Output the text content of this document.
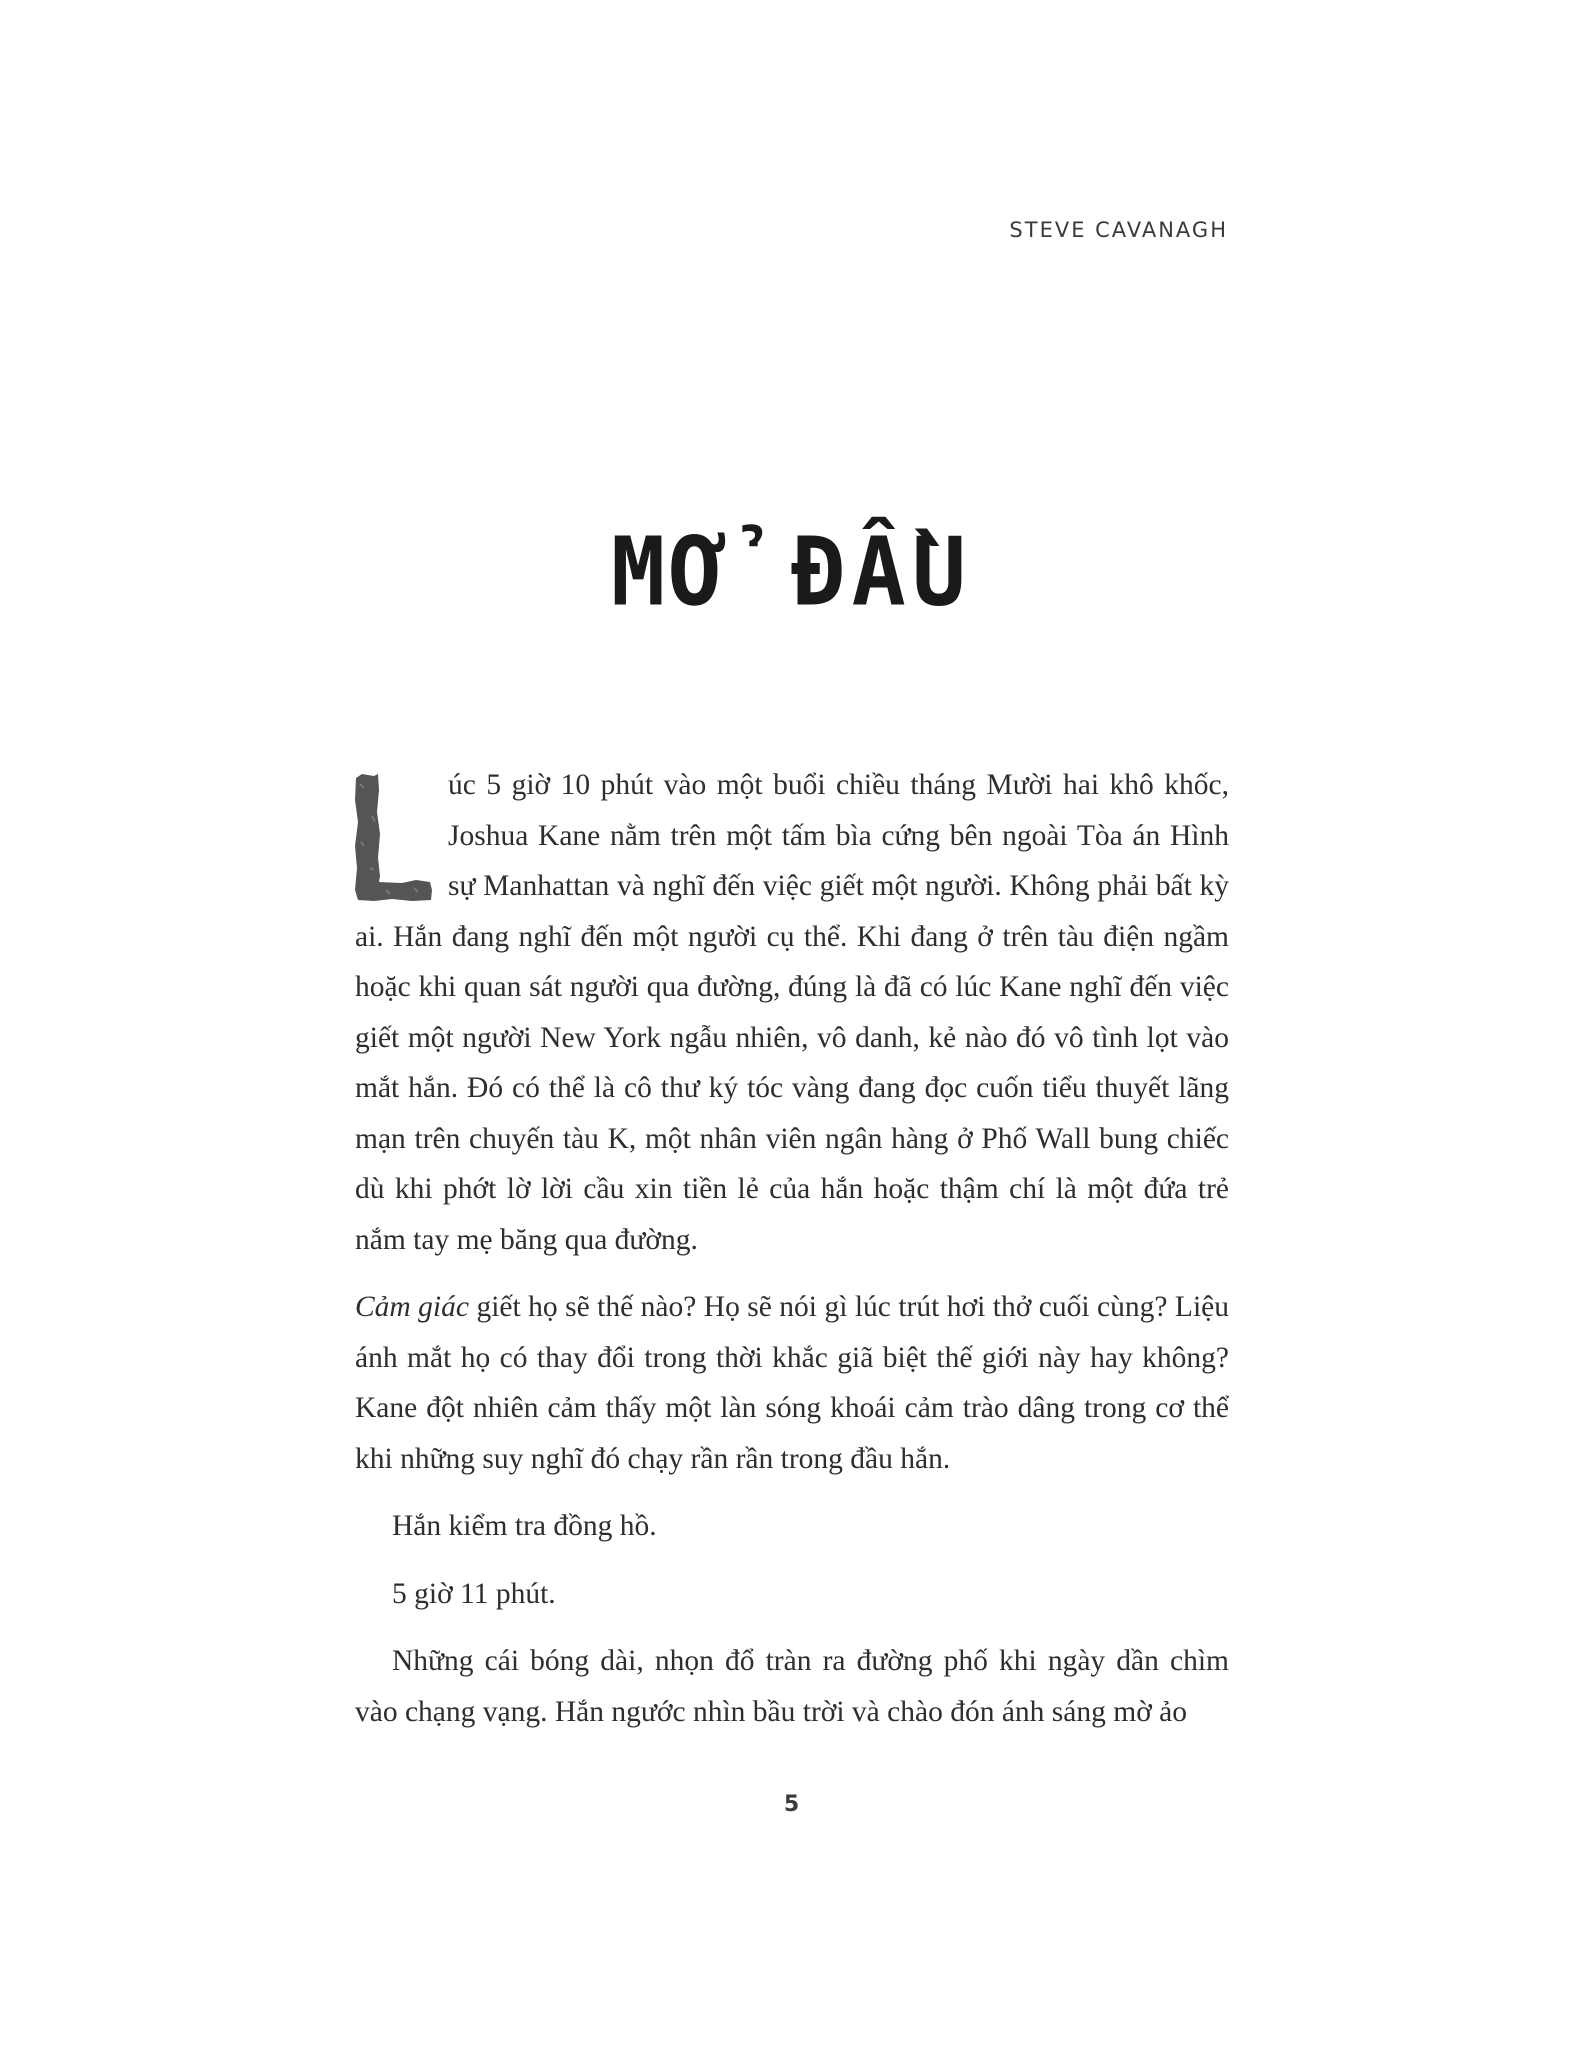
STEVE CAVANAGH
MỞ ĐẦU

úc 5 giờ 10 phút vào một buổi chiều tháng Mười hai khô khốc, Joshua Kane nằm trên một tấm bìa cứng bên ngoài Tòa án Hình sự Manhattan và nghĩ đến việc giết một người. Không phải bất kỳ ai. Hắn đang nghĩ đến một người cụ thể. Khi đang ở trên tàu điện ngầm hoặc khi quan sát người qua đường, đúng là đã có lúc Kane nghĩ đến việc giết một người New York ngẫu nhiên, vô danh, kẻ nào đó vô tình lọt vào mắt hắn. Đó có thể là cô thư ký tóc vàng đang đọc cuốn tiểu thuyết lãng mạn trên chuyến tàu K, một nhân viên ngân hàng ở Phố Wall bung chiếc dù khi phớt lờ lời cầu xin tiền lẻ của hắn hoặc thậm chí là một đứa trẻ nắm tay mẹ băng qua đường.

Cảm giác giết họ sẽ thế nào? Họ sẽ nói gì lúc trút hơi thở cuối cùng? Liệu ánh mắt họ có thay đổi trong thời khắc giã biệt thế giới này hay không? Kane đột nhiên cảm thấy một làn sóng khoái cảm trào dâng trong cơ thể khi những suy nghĩ đó chạy rần rần trong đầu hắn.

Hắn kiểm tra đồng hồ.

5 giờ 11 phút.

Những cái bóng dài, nhọn đổ tràn ra đường phố khi ngày dần chìm vào chạng vạng. Hắn ngước nhìn bầu trời và chào đón ánh sáng mờ ảo

5
